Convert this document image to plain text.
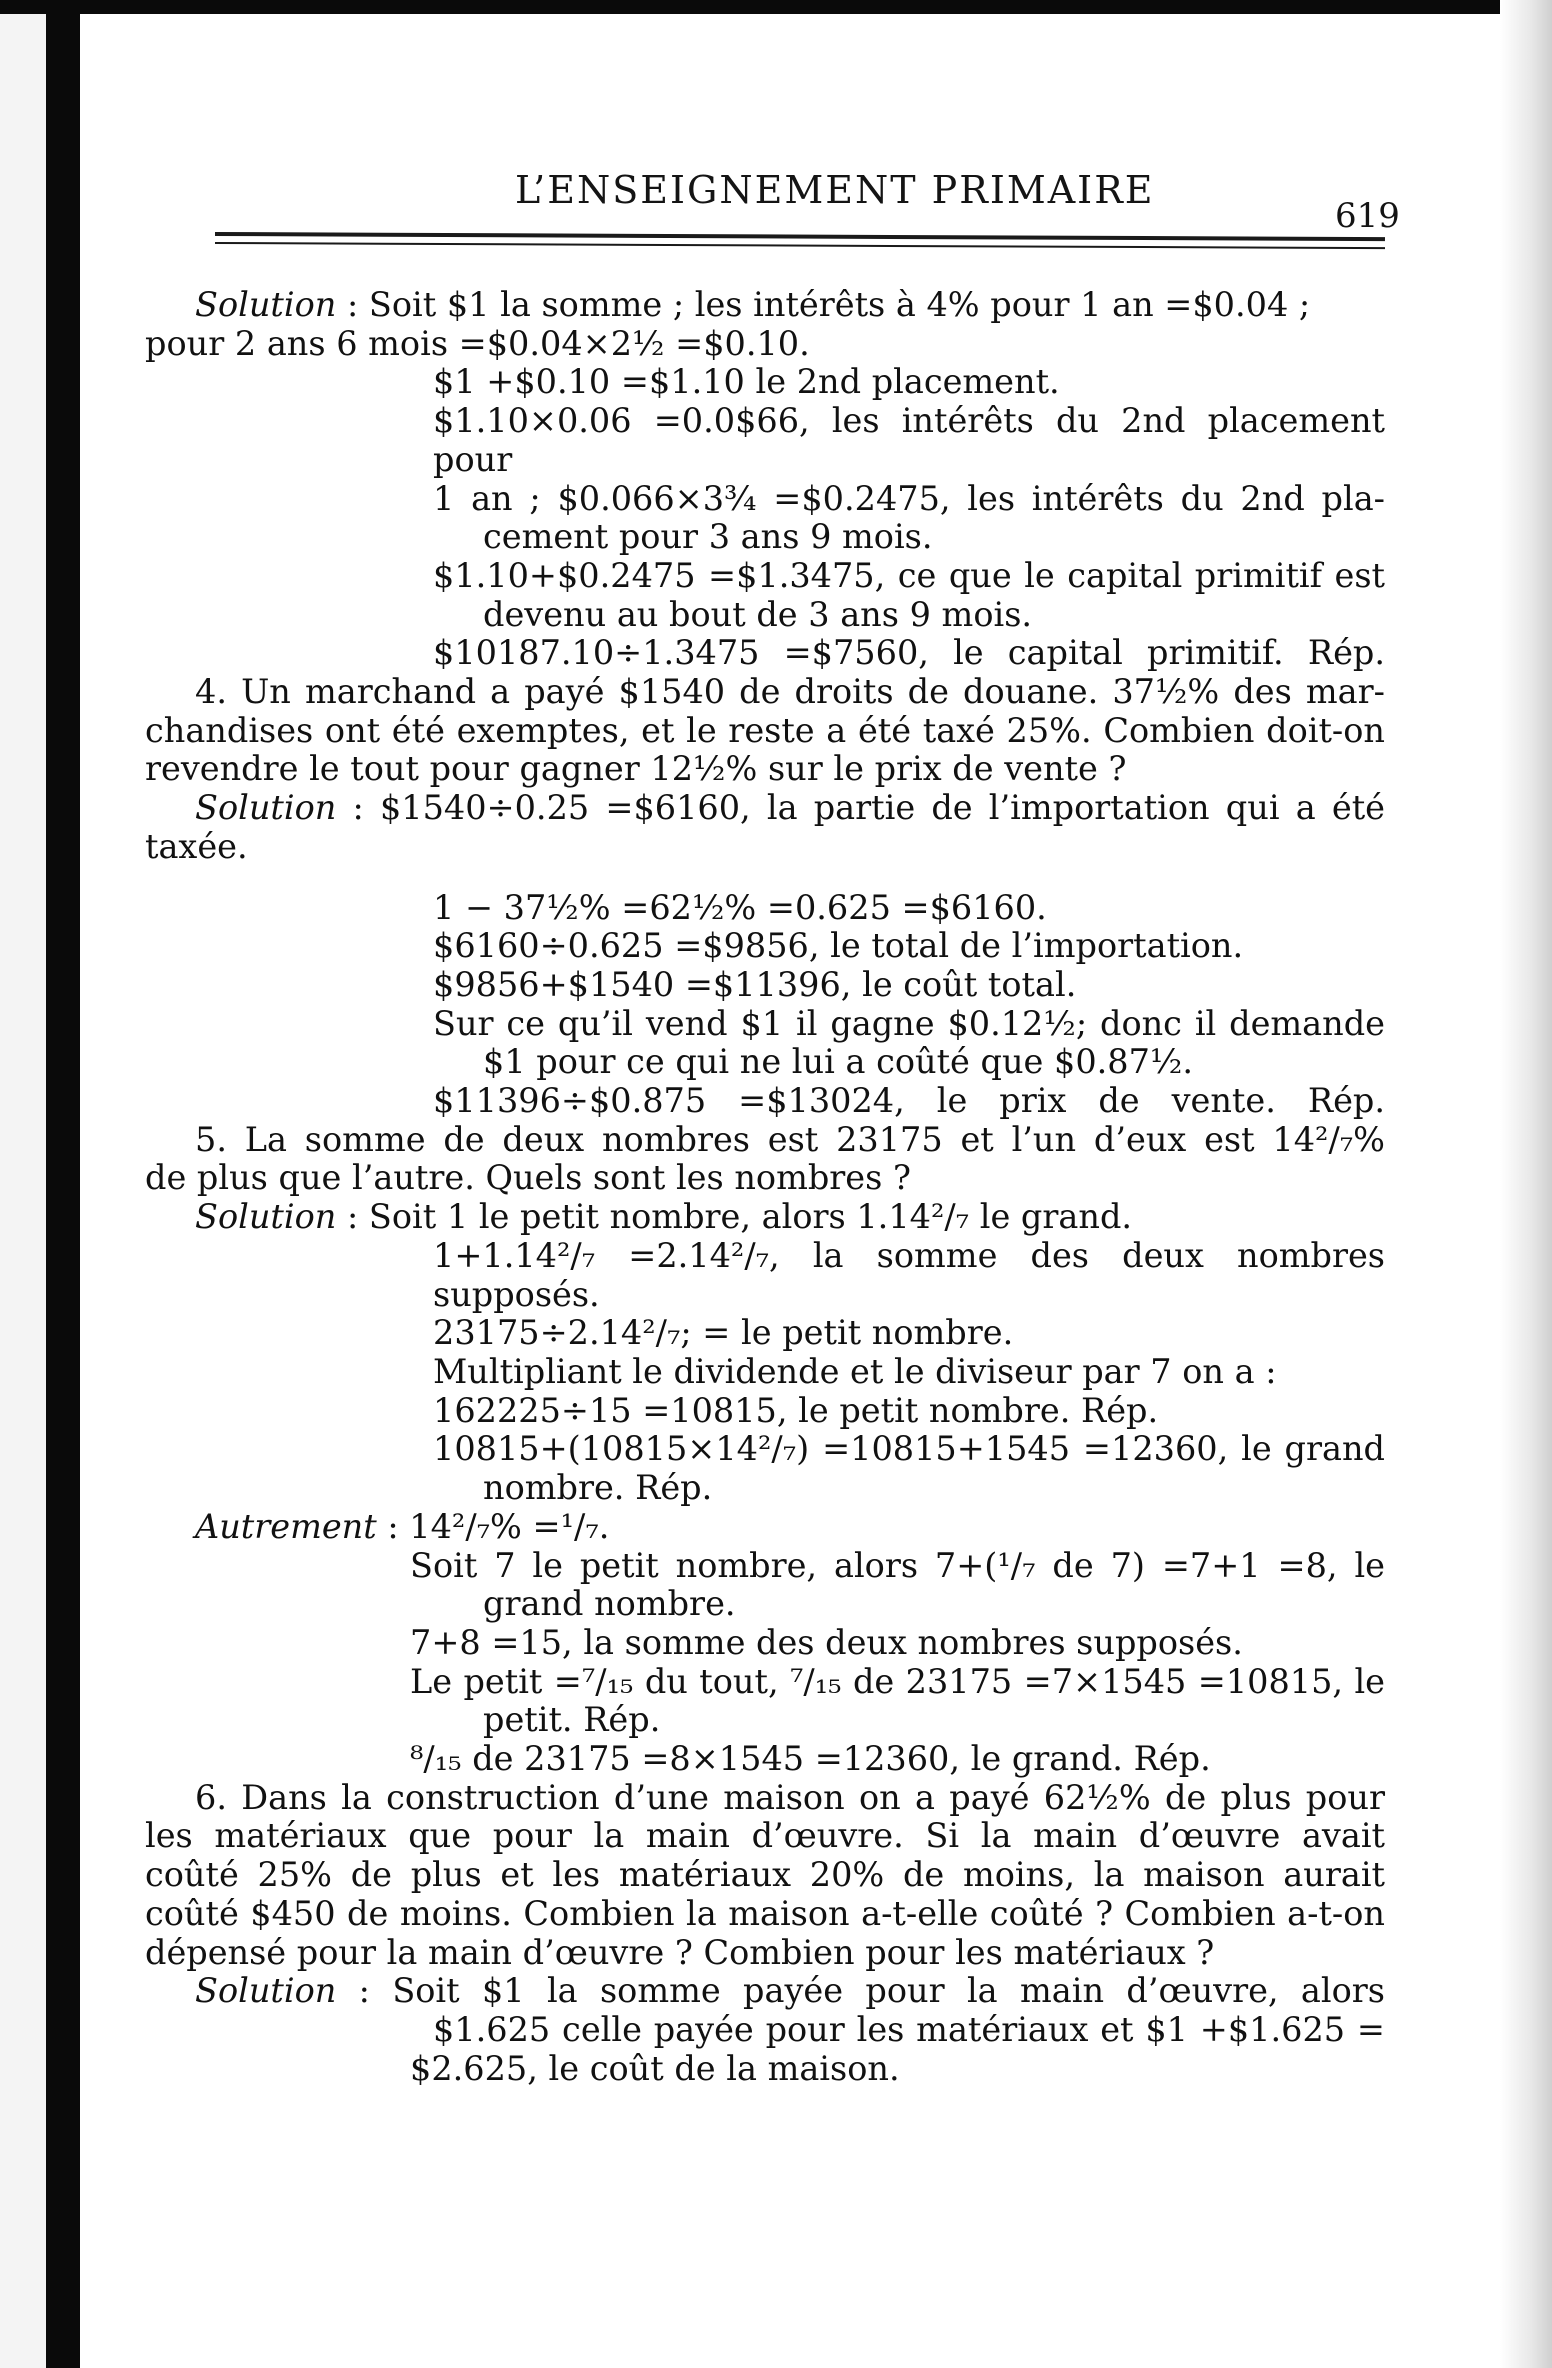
L’ENSEIGNEMENT PRIMAIRE
619
Solution : Soit $1 la somme ; les intérêts à 4% pour 1 an =$0.04 ;
pour 2 ans 6 mois =$0.04×2½ =$0.10.
$1 +$0.10 =$1.10 le 2nd placement.
$1.10×0.06 =0.0$66, les intérêts du 2nd placement pour
1 an ; $0.066×3¾ =$0.2475, les intérêts du 2nd pla-
cement pour 3 ans 9 mois.
$1.10+$0.2475 =$1.3475, ce que le capital primitif est
devenu au bout de 3 ans 9 mois.
$10187.10÷1.3475 =$7560, le capital primitif. Rép.
4. Un marchand a payé $1540 de droits de douane. 37½% des mar-
chandises ont été exemptes, et le reste a été taxé 25%. Combien doit-on
revendre le tout pour gagner 12½% sur le prix de vente ?
Solution : $1540÷0.25 =$6160, la partie de l’importation qui a été
taxée.
1 − 37½% =62½% =0.625 =$6160.
$6160÷0.625 =$9856, le total de l’importation.
$9856+$1540 =$11396, le coût total.
Sur ce qu’il vend $1 il gagne $0.12½; donc il demande
$1 pour ce qui ne lui a coûté que $0.87½.
$11396÷$0.875 =$13024, le prix de vente. Rép.
5. La somme de deux nombres est 23175 et l’un d’eux est 14²/₇%
de plus que l’autre. Quels sont les nombres ?
Solution : Soit 1 le petit nombre, alors 1.14²/₇ le grand.
1+1.14²/₇ =2.14²/₇, la somme des deux nombres supposés.
23175÷2.14²/₇; = le petit nombre.
Multipliant le dividende et le diviseur par 7 on a :
162225÷15 =10815, le petit nombre. Rép.
10815+(10815×14²/₇) =10815+1545 =12360, le grand
nombre. Rép.
Autrement : 14²/₇% =¹/₇.
Soit 7 le petit nombre, alors 7+(¹/₇ de 7) =7+1 =8, le
grand nombre.
7+8 =15, la somme des deux nombres supposés.
Le petit =⁷/₁₅ du tout, ⁷/₁₅ de 23175 =7×1545 =10815, le
petit. Rép.
⁸/₁₅ de 23175 =8×1545 =12360, le grand. Rép.
6. Dans la construction d’une maison on a payé 62½% de plus pour
les matériaux que pour la main d’œuvre. Si la main d’œuvre avait
coûté 25% de plus et les matériaux 20% de moins, la maison aurait
coûté $450 de moins. Combien la maison a-t-elle coûté ? Combien a-t-on
dépensé pour la main d’œuvre ? Combien pour les matériaux ?
Solution : Soit $1 la somme payée pour la main d’œuvre, alors
$1.625 celle payée pour les matériaux et $1 +$1.625 =
$2.625, le coût de la maison.
